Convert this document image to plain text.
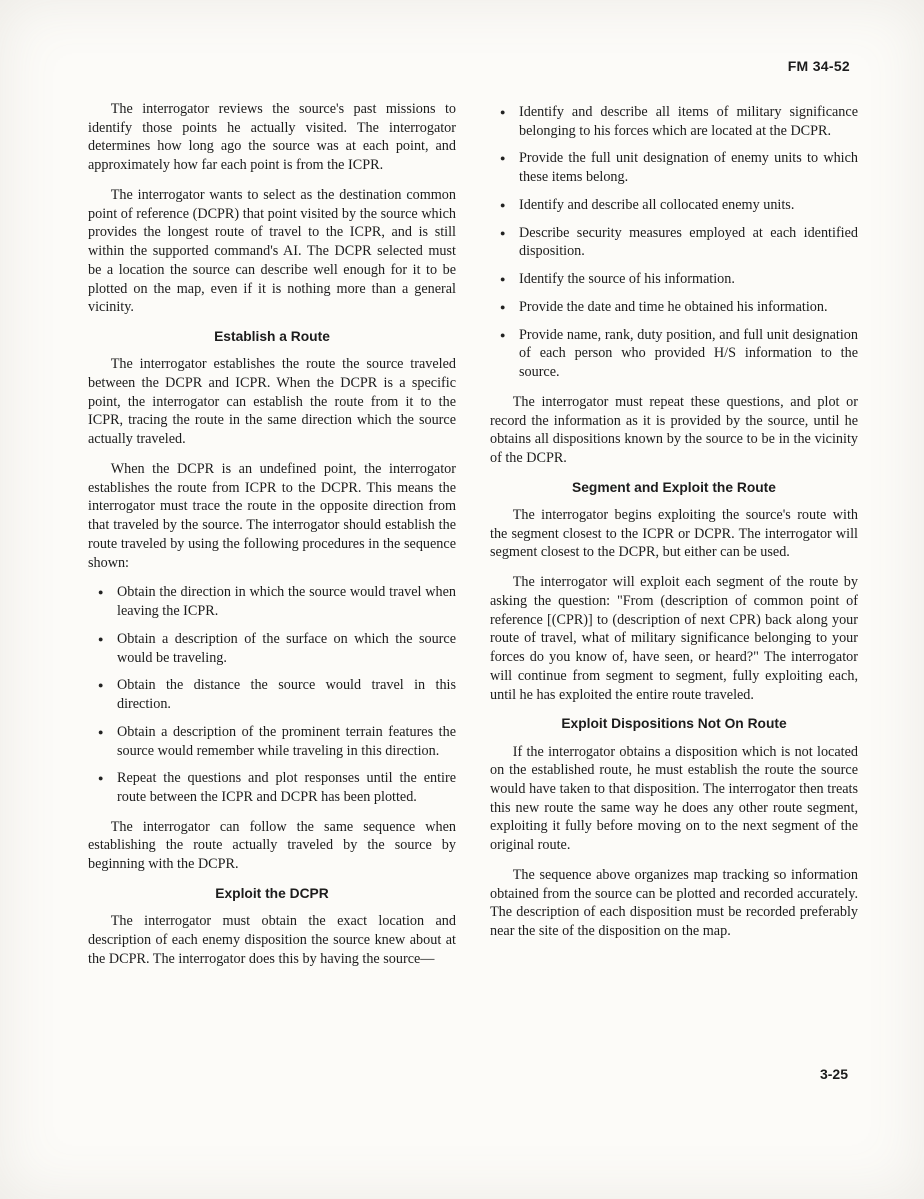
FM 34-52

The interrogator reviews the source's past missions to identify those points he actually visited. The interrogator determines how long ago the source was at each point, and approximately how far each point is from the ICPR.

The interrogator wants to select as the destination common point of reference (DCPR) that point visited by the source which provides the longest route of travel to the ICPR, and is still within the supported command's AI. The DCPR selected must be a location the source can describe well enough for it to be plotted on the map, even if it is nothing more than a general vicinity.

Establish a Route

The interrogator establishes the route the source traveled between the DCPR and ICPR. When the DCPR is a specific point, the interrogator can establish the route from it to the ICPR, tracing the route in the same direction which the source actually traveled.

When the DCPR is an undefined point, the interrogator establishes the route from ICPR to the DCPR. This means the interrogator must trace the route in the opposite direction from that traveled by the source. The interrogator should establish the route traveled by using the following procedures in the sequence shown:

● Obtain the direction in which the source would travel when leaving the ICPR.
● Obtain a description of the surface on which the source would be traveling.
● Obtain the distance the source would travel in this direction.
● Obtain a description of the prominent terrain features the source would remember while traveling in this direction.
● Repeat the questions and plot responses until the entire route between the ICPR and DCPR has been plotted.

The interrogator can follow the same sequence when establishing the route actually traveled by the source by beginning with the DCPR.

Exploit the DCPR

The interrogator must obtain the exact location and description of each enemy disposition the source knew about at the DCPR. The interrogator does this by having the source—

● Identify and describe all items of military significance belonging to his forces which are located at the DCPR.
● Provide the full unit designation of enemy units to which these items belong.
● Identify and describe all collocated enemy units.
● Describe security measures employed at each identified disposition.
● Identify the source of his information.
● Provide the date and time he obtained his information.
● Provide name, rank, duty position, and full unit designation of each person who provided H/S information to the source.

The interrogator must repeat these questions, and plot or record the information as it is provided by the source, until he obtains all dispositions known by the source to be in the vicinity of the DCPR.

Segment and Exploit the Route

The interrogator begins exploiting the source's route with the segment closest to the ICPR or DCPR. The interrogator will segment closest to the DCPR, but either can be used.

The interrogator will exploit each segment of the route by asking the question: "From (description of common point of reference [(CPR)] to (description of next CPR) back along your route of travel, what of military significance belonging to your forces do you know of, have seen, or heard?" The interrogator will continue from segment to segment, fully exploiting each, until he has exploited the entire route traveled.

Exploit Dispositions Not On Route

If the interrogator obtains a disposition which is not located on the established route, he must establish the route the source would have taken to that disposition. The interrogator then treats this new route the same way he does any other route segment, exploiting it fully before moving on to the next segment of the original route.

The sequence above organizes map tracking so information obtained from the source can be plotted and recorded accurately. The description of each disposition must be recorded preferably near the site of the disposition on the map.

3-25
